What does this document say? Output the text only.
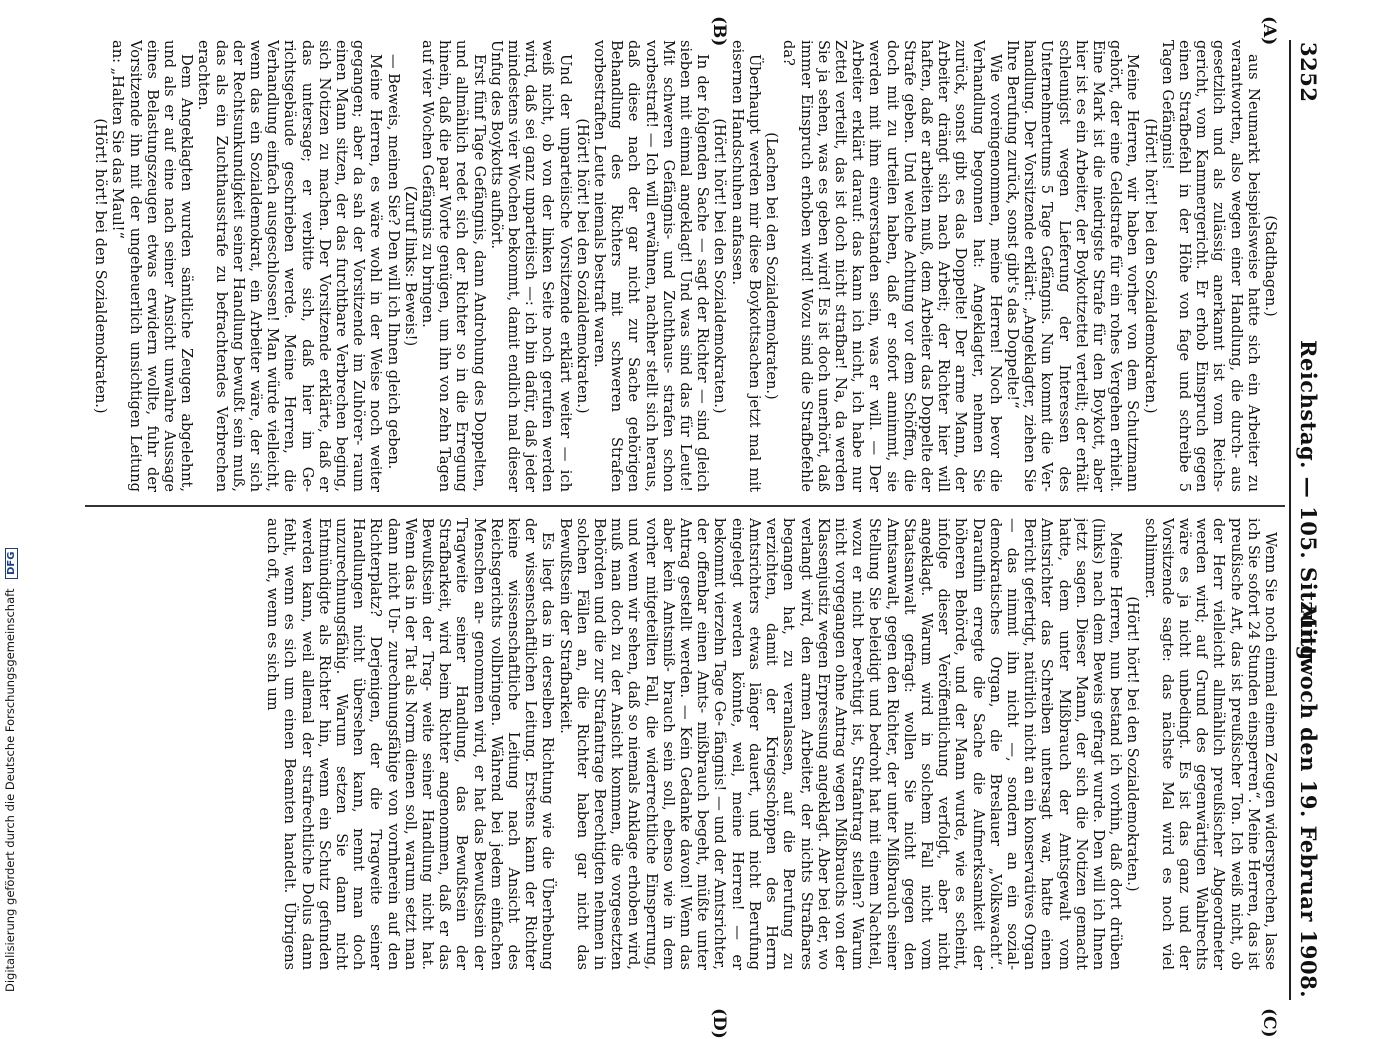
3252
Reichstag. — 105. Sitzung.
Mittwoch den 19. Februar 1908.
(A)
(B)
(C)
(D)

(Stadthagen.)

aus Neumarkt beispielsweise hatte sich ein Arbeiter zu verantworten, also wegen einer Handlung, die durch- aus gesetzlich und als zulässig anerkannt ist vom Reichs- gericht, vom Kammergericht. Er erhob Einspruch gegen einen Strafbefehl in der Höhe von fage und schreibe 5 Tagen Gefängnis!

(Hört! hört! bei den Sozialdemokraten.)

Meine Herren, wir haben vorher von dem Schutzmann gehört, der eine Geldstrafe für ein rohes Vergehen erhielt. Eine Mark ist die niedrigste Strafe für den Boykott, aber hier ist es ein Arbeiter, der Boykottzettel verteilt; der erhält schleunigst wegen Lieferung der Interessen des Unternehmertums 5 Tage Gefängnis. Nun kommt die Ver- handlung. Der Vorsitzende erklärt: „Angeklagter, ziehen Sie Ihre Berufung zurück, sonst gibt's das Doppelte!“

Wie voreingenommen, meine Herren! Noch bevor die Verhandlung begonnen hat: Angeklagter, nehmen Sie zurück, sonst gibt es das Doppelte! Der arme Mann, der Arbeiter drängt sich nach Arbeit; der Richter hier will haften, daß er arbeiten muß, dem Arbeiter das Doppelte der Strafe geben. Und welche Achtung vor dem Schöffen, die doch mit zu urteilen haben, daß er sofort annimmt, sie werden mit ihm einverstanden sein, was er will. — Der Arbeiter erklärt darauf: das kann ich nicht, ich habe nur Zettel verteilt, das ist doch nicht strafbar! Na, da werden Sie ja sehen, was es geben wird! Es ist doch unerhört, daß immer Einspruch erhoben wird! Wozu sind die Strafbefehle da?

(Lachen bei den Sozialdemokraten.)

Überhaupt werden mir diese Boykottsachen jetzt mal mit eisernen Handschuhen anfassen.

(Hört! hört! bei den Sozialdemokraten.)

In der folgenden Sache — sagt der Richter — sind gleich sieben mit einmal angeklagt! Und was sind das für Leute! Mit schweren Gefängnis- und Zuchthaus- strafen schon vorbestraft! — Ich will erwähnen, nachher stellt sich heraus, daß diese nach der gar nicht zur Sache gehörigen Behandlung des Richters mit schweren Strafen vorbestraften Leute niemals bestraft waren.

(Hört! hört! bei den Sozialdemokraten.)

Und der unparteiische Vorsitzende erklärt weiter — ich weiß nicht, ob von der linken Seite noch gerufen werden wird, daß sei ganz unparteiisch —: ich bin dafür, daß jeder mindestens vier Wochen bekommt, damit endlich mal dieser Unfug des Boykotts aufhört.

Erst fünf Tage Gefängnis, dann Androhung des Doppelten, und allmählich redet sich der Richter so in die Erregung hinein, daß die paar Worte genügen, um ihn von zehn Tagen auf vier Wochen Gefängnis zu bringen.

(Zuruf links: Beweis!)

— Beweis, meinen Sie? Den will ich Ihnen gleich geben.

Meine Herren, es wäre wohl in der Weise noch weiter gegangen; aber da sah der Vorsitzende im Zuhörer- raum einen Mann sitzen, der das furchtbare Verbrechen beging, sich Notizen zu machen. Der Vorsitzende erklärte, daß er das untersage; er verbitte sich, daß hier im Ge- richtsgebäude geschrieben werde. Meine Herren, die Verhandlung einfach ausgeschlossen! Man würde vielleicht, wenn das ein Sozialdemokrat, ein Arbeiter wäre, der sich der Rechtsunkundigkeit seiner Handlung bewußt sein muß, das als ein Zuchthausstrafe zu befrachtendes Verbrechen erachten.

Dem Angeklagten wurden sämtliche Zeugen abgelehnt, und als er auf eine nach seiner Ansicht unwahre Aussage eines Belastungszeugen etwas erwidern wollte, fuhr der Vorsitzende ihn mit der ungeheuerlich unsichtigen Leitung an: „Halten Sie das Maul!“

(Hört! hört! bei den Sozialdemokraten.)

Wenn Sie noch einmal einem Zeugen widersprechen, lasse ich Sie sofort 24 Stunden einsperren“. Meine Herren, das ist preußische Art, das ist preußischer Ton. Ich weiß nicht, ob der Herr vielleicht allmählich preußischer Abgeordneter werden wird; auf Grund des gegenwärtigen Wahlrechts wäre es ja nicht unbedingt. Es ist das ganz und der Vorsitzende sagte: das nächste Mal wird es noch viel schlimmer.

(Hört! hört! bei den Sozialdemokraten.)

Meine Herren, nun bestand ich vorhin, daß dort drüben (links) nach dem Beweis gefragt wurde. Den will ich Ihnen jetzt sagen. Dieser Mann, der sich die Notizen gemacht hatte, dem unter Mißbrauch der Amtsgewalt vom Amtsrichter das Schreiben untersagt war, hatte einen Bericht gefertigt, natürlich nicht an ein konservatives Organ — das nimmt ihn nicht —, sondern an ein sozial- demokratisches Organ, die Breslauer „Volkswacht“. Daraufhin erregte die Sache die Aufmerksamkeit der höheren Behörde, und der Mann wurde, wie es scheint, infolge dieser Veröffentlichung verfolgt, aber nicht angeklagt. Warum wird in solchem Fall nicht vom Staatsanwalt gefragt: wollen Sie nicht gegen den Amtsanwalt, gegen den Richter, der unter Mißbrauch seiner Stellung Sie beleidigt und bedroht hat mit einem Nachteil, wozu er nicht berechtigt ist, Strafantrag stellen? Warum nicht vorgegangen ohne Antrag wegen Mißbrauchs von der Klassenjustiz wegen Erpressung angeklagt. Aber bei der, wo verlangt wird, den armen Arbeiter, der nichts Strafbares begangen hat, zu veranlassen, auf die Berufung zu verzichten, damit der Kriegsschöppen des Herrn Amtsrichters etwas länger dauert, und nicht Berufung eingelegt werden könnte, weil, meine Herren! — er bekommt vierzehn Tage Ge- fängnis! — und der Amtsrichter, der offenbar einen Amts- mißbrauch begeht, müßte unter Antrag gestellt werden. — Kein Gedanke davon! Wenn das aber kein Amtsmiß- brauch sein soll, ebenso wie in dem vorher mitgeteilten Fall, die widerrechtliche Einsperrung, und wenn wir sehen, daß so niemals Anklage erhoben wird, muß man doch zu der Ansicht kommen, die vorgesetzten Behörden und die zur Strafantrage Berechtigten nehmen in solchen Fällen an, die Richter haben gar nicht das Bewußtsein der Strafbarkeit.

Es liegt das in derselben Richtung wie die Überhebung der wissenschaftlichen Leitung. Erstens kann der Richter keine wissenschaftliche Leitung nach Ansicht des Reichsgerichts vollbringen. Während bei jedem einfachen Menschen an- genommen wird, er hat das Bewußtsein der Tragweite seiner Handlung, das Bewußtsein der Strafbarkeit, wird beim Richter angenommen, daß er das Bewußtsein der Trag- weite seiner Handlung nicht hat. Wenn das in der Tat als Norm dienen soll, warum setzt man dann nicht Un- zurechnungsfähige von vornherein auf den Richterplatz? Derjenigen, der die Tragweite seiner Handlungen nicht übersehen kann, nennt man doch unzurechnungsfähig. Warum setzen Sie dann nicht Entmündigte als Richter hin, wenn ein Schutz gefunden werden kann, weil allemal der strafrechtliche Dolus dann fehlt, wenn es sich um einen Beamten handelt. Übrigens auch oft, wenn es sich um

Digitalisierung gefördert durch die Deutsche Forschungsgemeinschaft DFG
